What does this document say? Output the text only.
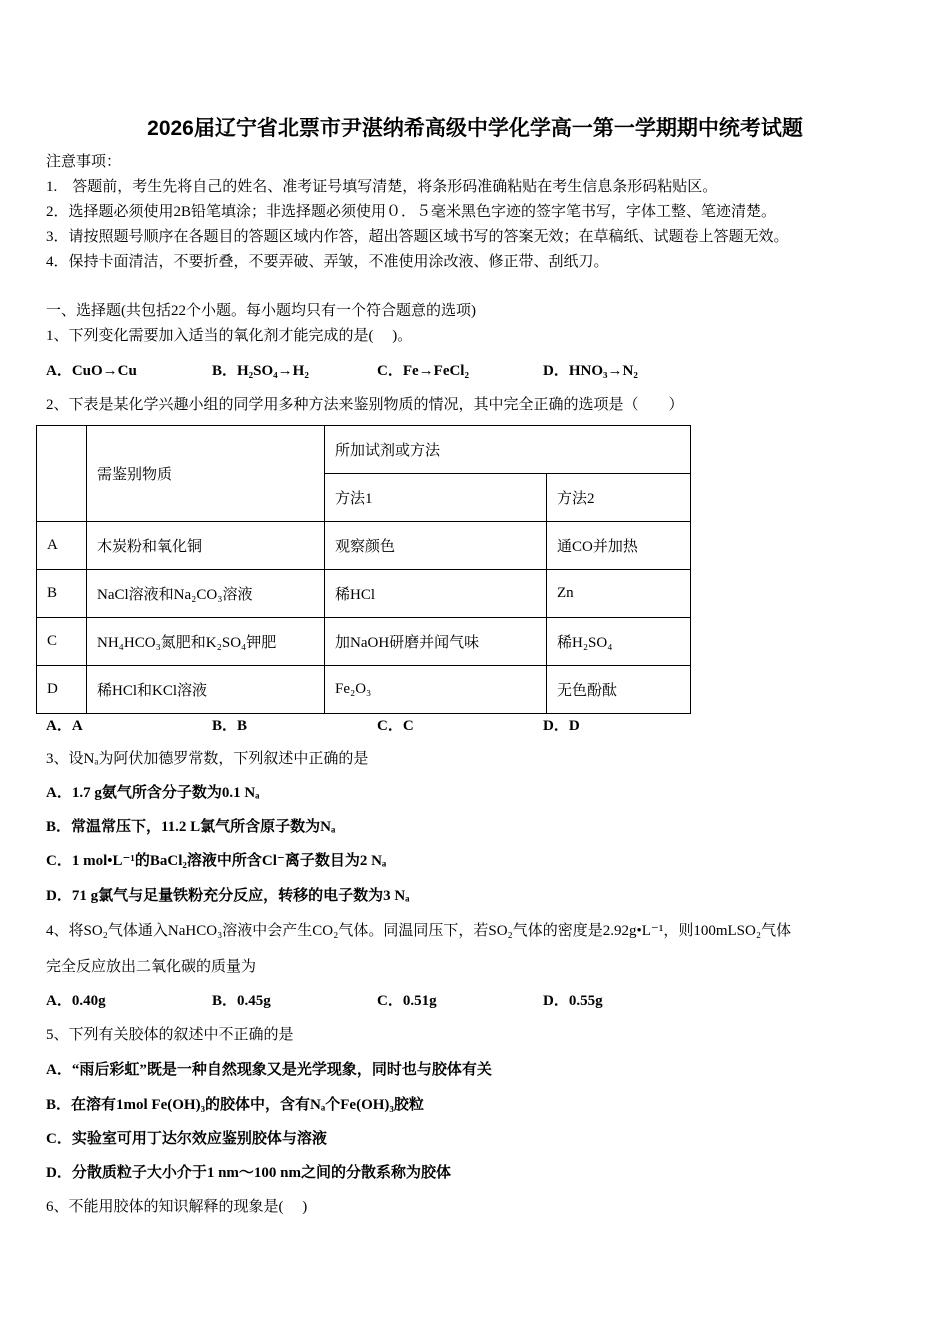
2026届辽宁省北票市尹湛纳希高级中学化学高一第一学期期中统考试题
注意事项：
1.　答题前，考生先将自己的姓名、准考证号填写清楚，将条形码准确粘贴在考生信息条形码粘贴区。
2．选择题必须使用2B铅笔填涂；非选择题必须使用０．５毫米黑色字迹的签字笔书写，字体工整、笔迹清楚。
3．请按照题号顺序在各题目的答题区域内作答，超出答题区域书写的答案无效；在草稿纸、试题卷上答题无效。
4．保持卡面清洁，不要折叠，不要弄破、弄皱，不准使用涂改液、修正带、刮纸刀。
一、选择题(共包括22个小题。每小题均只有一个符合题意的选项)
1、下列变化需要加入适当的氧化剂才能完成的是(　 )。
A．CuO→Cu	B．H₂SO₄→H₂	C．Fe→FeCl₂	D．HNO₃→N₂
2、下表是某化学兴趣小组的同学用多种方法来鉴别物质的情况，其中完全正确的选项是（　　）
	需鉴别物质	所加试剂或方法	
		方法1	方法2
A	木炭粉和氧化铜	观察颜色	通CO并加热
B	NaCl溶液和Na₂CO₃溶液	稀HCl	Zn
C	NH₄HCO₃氮肥和K₂SO₄钾肥	加NaOH研磨并闻气味	稀H₂SO₄
D	稀HCl和KCl溶液	Fe₂O₃	无色酚酞
A．A	B．B	C．C	D．D
3、设Nₐ为阿伏加德罗常数，下列叙述中正确的是
A．1.7 g氨气所含分子数为0.1 Nₐ
B．常温常压下，11.2 L氯气所含原子数为Nₐ
C．1 mol•L⁻¹的BaCl₂溶液中所含Cl⁻离子数目为2 Nₐ
D．71 g氯气与足量铁粉充分反应，转移的电子数为3 Nₐ
4、将SO₂气体通入NaHCO₃溶液中会产生CO₂气体。同温同压下，若SO₂气体的密度是2.92g•L⁻¹，则100mLSO₂气体
完全反应放出二氧化碳的质量为
A．0.40g	B．0.45g	C．0.51g	D．0.55g
5、下列有关胶体的叙述中不正确的是
A．“雨后彩虹”既是一种自然现象又是光学现象，同时也与胶体有关
B．在溶有1mol Fe(OH)₃的胶体中，含有Nₐ个Fe(OH)₃胶粒
C．实验室可用丁达尔效应鉴别胶体与溶液
D．分散质粒子大小介于1 nm～100 nm之间的分散系称为胶体
6、不能用胶体的知识解释的现象是(　 )
